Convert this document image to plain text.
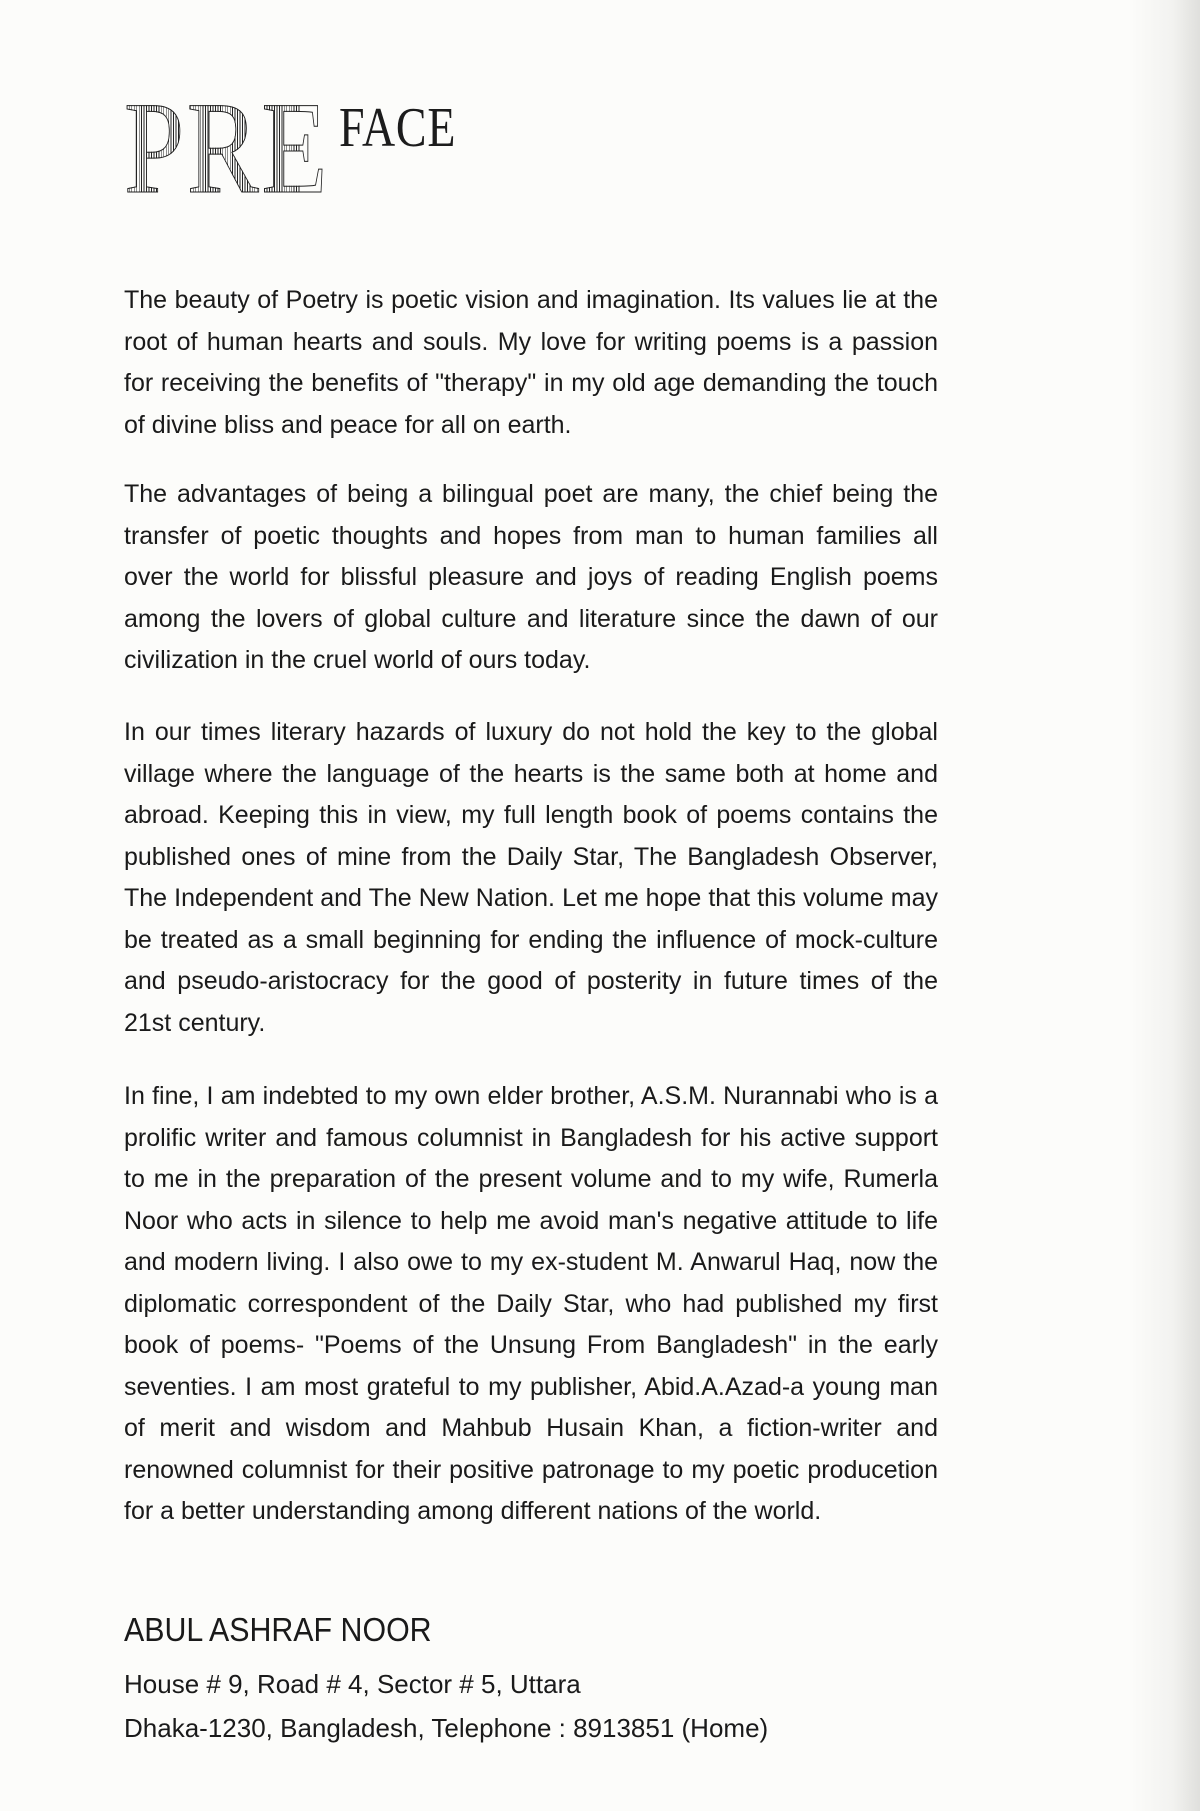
PRE FACE

The beauty of Poetry is poetic vision and imagination. Its values lie at the root of human hearts and souls. My love for writing poems is a passion for receiving the benefits of "therapy" in my old age demanding the touch of divine bliss and peace for all on earth.

The advantages of being a bilingual poet are many, the chief being the transfer of poetic thoughts and hopes from man to human families all over the world for blissful pleasure and joys of reading English poems among the lovers of global culture and literature since the dawn of our civilization in the cruel world of ours today.

In our times literary hazards of luxury do not hold the key to the global village where the language of the hearts is the same both at home and abroad. Keeping this in view, my full length book of poems contains the published ones of mine from the Daily Star, The Bangladesh Observer, The Independent and The New Nation. Let me hope that this volume may be treated as a small beginning for ending the influence of mock-culture and pseudo-aristocracy for the good of posterity in future times of the 21st century.

In fine, I am indebted to my own elder brother, A.S.M. Nurannabi who is a prolific writer and famous columnist in Bangladesh for his active support to me in the preparation of the present volume and to my wife, Rumerla Noor who acts in silence to help me avoid man's negative attitude to life and modern living. I also owe to my ex-student M. Anwarul Haq, now the diplomatic correspondent of the Daily Star, who had published my first book of poems- "Poems of the Unsung From Bangladesh" in the early seventies. I am most grateful to my publisher, Abid.A.Azad-a young man of merit and wisdom and Mahbub Husain Khan, a fiction-writer and renowned columnist for their positive patronage to my poetic producetion for a better understanding among different nations of the world.

ABUL ASHRAF NOOR
House # 9, Road # 4, Sector # 5, Uttara
Dhaka-1230, Bangladesh, Telephone : 8913851 (Home)
